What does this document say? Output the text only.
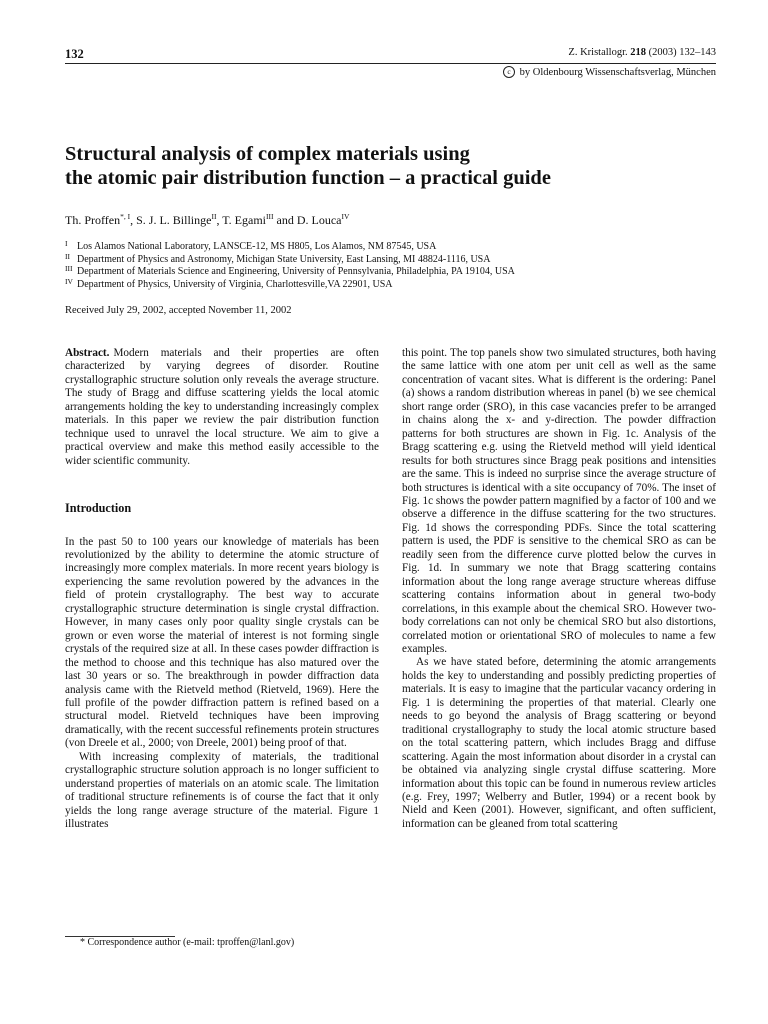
132	Z. Kristallogr. 218 (2003) 132–143
c by Oldenbourg Wissenschaftsverlag, München
Structural analysis of complex materials using
the atomic pair distribution function – a practical guide
Th. Proffen$^{*, I}$, S. J. L. Billinge$^{II}$, T. Egami$^{III}$ and D. Louca$^{IV}$
I Los Alamos National Laboratory, LANSCE-12, MS H805, Los Alamos, NM 87545, USA
II Department of Physics and Astronomy, Michigan State University, East Lansing, MI 48824-1116, USA
III Department of Materials Science and Engineering, University of Pennsylvania, Philadelphia, PA 19104, USA
IV Department of Physics, University of Virginia, Charlottesville,VA 22901, USA
Received July 29, 2002, accepted November 11, 2002

Abstract. Modern materials and their properties are often characterized by varying degrees of disorder. Routine crystallographic structure solution only reveals the average structure. The study of Bragg and diffuse scattering yields the local atomic arrangements holding the key to understanding increasingly complex materials. In this paper we review the pair distribution function technique used to unravel the local structure. We aim to give a practical overview and make this method easily accessible to the wider scientific community.

Introduction

In the past 50 to 100 years our knowledge of materials has been revolutionized by the ability to determine the atomic structure of increasingly more complex materials. In more recent years biology is experiencing the same revolution powered by the advances in the field of protein crystallography. The best way to accurate crystallographic structure determination is single crystal diffraction. However, in many cases only poor quality single crystals can be grown or even worse the material of interest is not forming single crystals of the required size at all. In these cases powder diffraction is the method to choose and this technique has also matured over the last 30 years or so. The breakthrough in powder diffraction data analysis came with the Rietveld method (Rietveld, 1969). Here the full profile of the powder diffraction pattern is refined based on a structural model. Rietveld techniques have been improving dramatically, with the recent successful refinements protein structures (von Dreele et al., 2000; von Dreele, 2001) being proof of that.

With increasing complexity of materials, the traditional crystallographic structure solution approach is no longer sufficient to understand properties of materials on an atomic scale. The limitation of traditional structure refinements is of course the fact that it only yields the long range average structure of the material. Figure 1 illustrates

this point. The top panels show two simulated structures, both having the same lattice with one atom per unit cell as well as the same concentration of vacant sites. What is different is the ordering: Panel (a) shows a random distribution whereas in panel (b) we see chemical short range order (SRO), in this case vacancies prefer to be arranged in chains along the x- and y-direction. The powder diffraction patterns for both structures are shown in Fig. 1c. Analysis of the Bragg scattering e.g. using the Rietveld method will yield identical results for both structures since Bragg peak positions and intensities are the same. This is indeed no surprise since the average structure of both structures is identical with a site occupancy of 70%. The inset of Fig. 1c shows the powder pattern magnified by a factor of 100 and we observe a difference in the diffuse scattering for the two structures. Fig. 1d shows the corresponding PDFs. Since the total scattering pattern is used, the PDF is sensitive to the chemical SRO as can be readily seen from the difference curve plotted below the curves in Fig. 1d. In summary we note that Bragg scattering contains information about the long range average structure whereas diffuse scattering contains information about in general two-body correlations, in this example about the chemical SRO. However two-body correlations can not only be chemical SRO but also distortions, correlated motion or orientational SRO of molecules to name a few examples.

As we have stated before, determining the atomic arrangements holds the key to understanding and possibly predicting properties of materials. It is easy to imagine that the particular vacancy ordering in Fig. 1 is determining the properties of that material. Clearly one needs to go beyond the analysis of Bragg scattering or beyond traditional crystallography to study the local atomic structure based on the total scattering pattern, which includes Bragg and diffuse scattering. Again the most information about disorder in a crystal can be obtained via analyzing single crystal diffuse scattering. More information about this topic can be found in numerous review articles (e.g. Frey, 1997; Welberry and Butler, 1994) or a recent book by Nield and Keen (2001). However, significant, and often sufficient, information can be gleaned from total scattering

* Correspondence author (e-mail: tproffen@lanl.gov)
